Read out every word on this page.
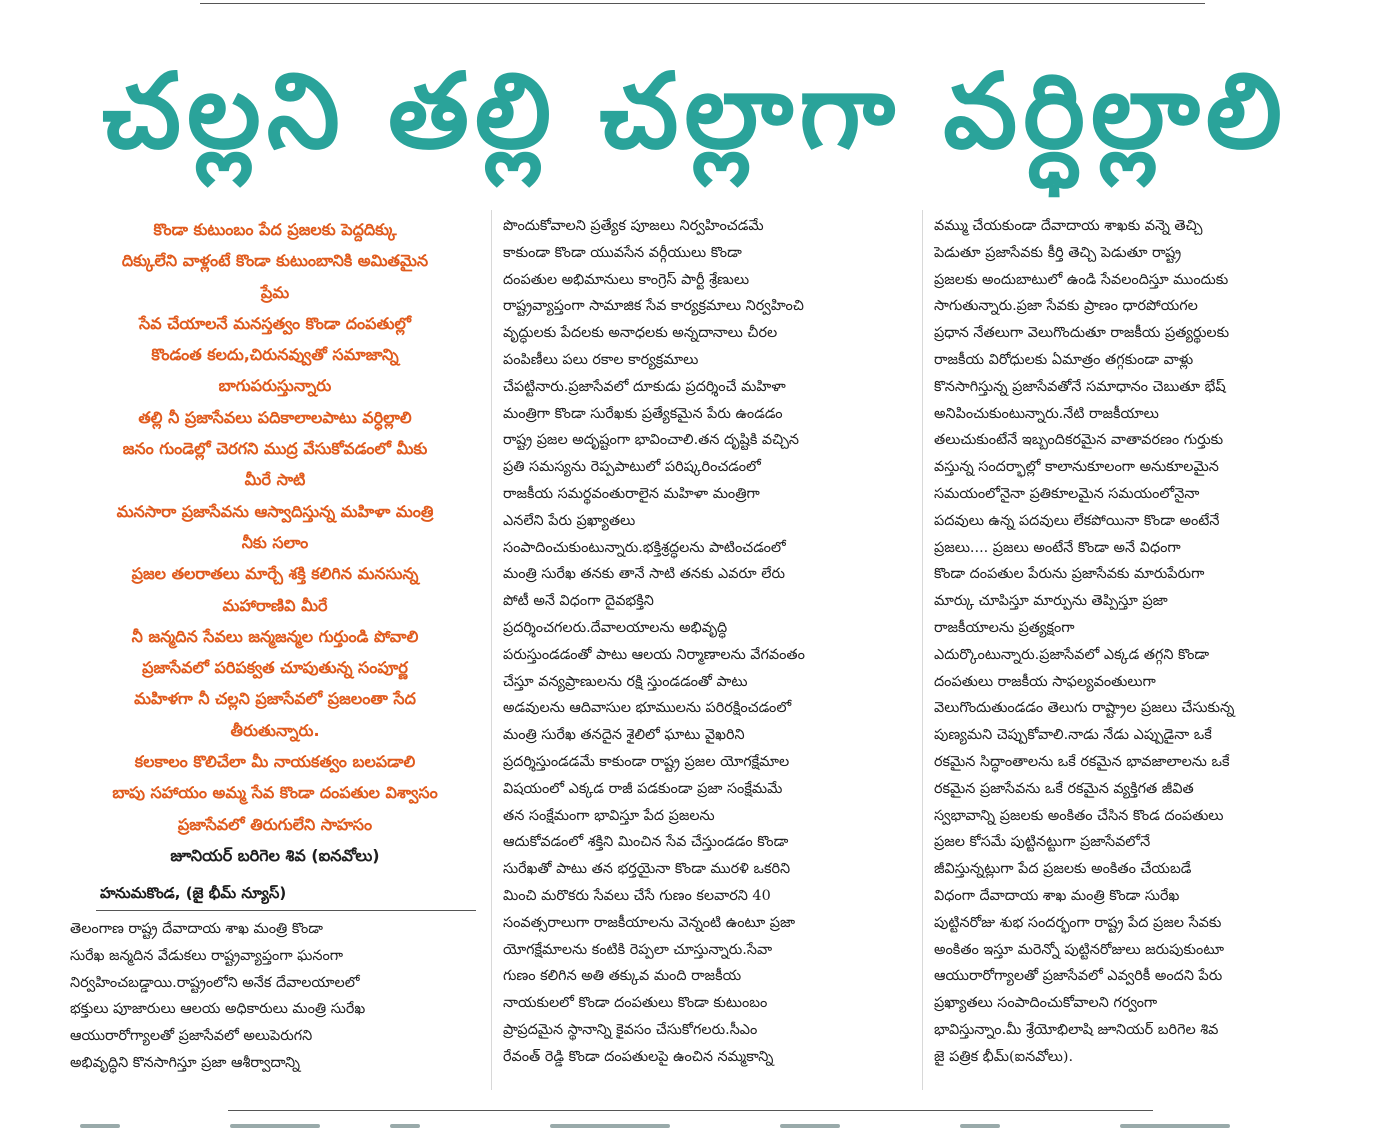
చల్లని తల్లి చల్లాగా వర్ధిల్లాలి
కొండా కుటుంబం పేద ప్రజలకు పెద్దదిక్కు
దిక్కులేని వాళ్లంటే కొండా కుటుంబానికి అమితమైన
ప్రేమ
సేవ చేయాలనే మనస్తత్వం కొండా దంపతుల్లో
కొండంత కలదు,చిరునవ్వుతో సమాజాన్ని
బాగుపరుస్తున్నారు
తల్లి నీ ప్రజాసేవలు పదికాలాలపాటు వర్ధిల్లాలి
జనం గుండెల్లో చెరగని ముద్ర వేసుకోవడంలో మీకు
మీరే సాటి
మనసారా ప్రజాసేవను ఆస్వాదిస్తున్న మహిళా మంత్రి
నీకు సలాం
ప్రజల తలరాతలు మార్చే శక్తి కలిగిన మనసున్న
మహారాణివి మీరే
నీ జన్మదిన సేవలు జన్మజన్మల గుర్తుండి పోవాలి
ప్రజాసేవలో పరిపక్వత చూపుతున్న సంపూర్ణ
మహిళగా నీ చల్లని ప్రజాసేవలో ప్రజలంతా సేద
తీరుతున్నారు.
కలకాలం కొలిచేలా మీ నాయకత్వం బలపడాలి
బాపు సహాయం అమ్మ సేవ కొండా దంపతుల విశ్వాసం
ప్రజాసేవలో తిరుగులేని సాహసం
జూనియర్ బరిగెల శివ (ఐనవోలు)
హనుమకొండ, (జై భీమ్ న్యూస్)
తెలంగాణ రాష్ట్ర దేవాదాయ శాఖ మంత్రి కొండా
సురేఖ జన్మదిన వేడుకలు రాష్ట్రవ్యాప్తంగా ఘనంగా
నిర్వహించబడ్డాయి.రాష్ట్రంలోని అనేక దేవాలయాలలో
భక్తులు పూజారులు ఆలయ అధికారులు మంత్రి సురేఖ
ఆయురారోగ్యాలతో ప్రజాసేవలో అలుపెరుగని
అభివృద్ధిని కొనసాగిస్తూ ప్రజా ఆశీర్వాదాన్ని
పొందుకోవాలని ప్రత్యేక పూజలు నిర్వహించడమే
కాకుండా కొండా యువసేన వర్గీయులు కొండా
దంపతుల అభిమానులు కాంగ్రెస్ పార్టీ శ్రేణులు
రాష్ట్రవ్యాప్తంగా సామాజిక సేవ కార్యక్రమాలు నిర్వహించి
వృద్ధులకు పేదలకు అనాధలకు అన్నదానాలు చీరల
పంపిణీలు పలు రకాల కార్యక్రమాలు
చేపట్టినారు.ప్రజాసేవలో దూకుడు ప్రదర్శించే మహిళా
మంత్రిగా కొండా సురేఖకు ప్రత్యేకమైన పేరు ఉండడం
రాష్ట్ర ప్రజల అదృష్టంగా భావించాలి.తన దృష్టికి వచ్చిన
ప్రతి సమస్యను రెప్పపాటులో పరిష్కరించడంలో
రాజకీయ సమర్థవంతురాలైన మహిళా మంత్రిగా
ఎనలేని పేరు ప్రఖ్యాతలు
సంపాదించుకుంటున్నారు.భక్తిశ్రద్ధలను పాటించడంలో
మంత్రి సురేఖ తనకు తానే సాటి తనకు ఎవరూ లేరు
పోటీ అనే విధంగా దైవభక్తిని
ప్రదర్శించగలరు.దేవాలయాలను అభివృద్ధి
పరుస్తుండడంతో పాటు ఆలయ నిర్మాణాలను వేగవంతం
చేస్తూ వన్యప్రాణులను రక్షి స్తుండడంతో పాటు
అడవులను ఆదివాసుల భూములను పరిరక్షించడంలో
మంత్రి సురేఖ తనదైన శైలిలో ఘాటు వైఖరిని
ప్రదర్శిస్తుండడమే కాకుండా రాష్ట్ర ప్రజల యోగక్షేమాల
విషయంలో ఎక్కడ రాజీ పడకుండా ప్రజా సంక్షేమమే
తన సంక్షేమంగా భావిస్తూ పేద ప్రజలను
ఆదుకోవడంలో శక్తిని మించిన సేవ చేస్తుండడం కొండా
సురేఖతో పాటు తన భర్తయైనా కొండా మురళి ఒకరిని
మించి మరొకరు సేవలు చేసే గుణం కలవారని 40
సంవత్సరాలుగా రాజకీయాలను వెన్నంటి ఉంటూ ప్రజా
యోగక్షేమాలను కంటికి రెప్పలా చూస్తున్నారు.సేవా
గుణం కలిగిన అతి తక్కువ మంది రాజకీయ
నాయకులలో కొండా దంపతులు కొండా కుటుంబం
ప్రాప్రదమైన స్థానాన్ని కైవసం చేసుకోగలరు.సీఎం
రేవంత్ రెడ్డి కొండా దంపతులపై ఉంచిన నమ్మకాన్ని
వమ్ము చేయకుండా దేవాదాయ శాఖకు వన్నె తెచ్చి
పెడుతూ ప్రజాసేవకు కీర్తి తెచ్చి పెడుతూ రాష్ట్ర
ప్రజలకు అందుబాటులో ఉండి సేవలందిస్తూ ముందుకు
సాగుతున్నారు.ప్రజా సేవకు ప్రాణం ధారపోయగల
ప్రధాన నేతలుగా వెలుగొందుతూ రాజకీయ ప్రత్యర్థులకు
రాజకీయ విరోధులకు ఏమాత్రం తగ్గకుండా వాళ్లు
కొనసాగిస్తున్న ప్రజాసేవతోనే సమాధానం చెబుతూ భేష్
అనిపించుకుంటున్నారు.నేటి రాజకీయాలు
తలుచుకుంటేనే ఇబ్బందికరమైన వాతావరణం గుర్తుకు
వస్తున్న సందర్భాల్లో కాలానుకూలంగా అనుకూలమైన
సమయంలోనైనా ప్రతికూలమైన సమయంలోనైనా
పదవులు ఉన్న పదవులు లేకపోయినా కొండా అంటేనే
ప్రజలు.... ప్రజలు అంటేనే కొండా అనే విధంగా
కొండా దంపతుల పేరును ప్రజాసేవకు మారుపేరుగా
మార్కు చూపిస్తూ మార్పును తెప్పిస్తూ ప్రజా
రాజకీయాలను ప్రత్యక్షంగా
ఎదుర్కొంటున్నారు.ప్రజాసేవలో ఎక్కడ తగ్గని కొండా
దంపతులు రాజకీయ సాఫల్యవంతులుగా
వెలుగొందుతుండడం తెలుగు రాష్ట్రాల ప్రజలు చేసుకున్న
పుణ్యమని చెప్పుకోవాలి.నాడు నేడు ఎప్పుడైనా ఒకే
రకమైన సిద్ధాంతాలను ఒకే రకమైన భావజాలాలను ఒకే
రకమైన ప్రజాసేవను ఒకే రకమైన వ్యక్తిగత జీవిత
స్వభావాన్ని ప్రజలకు అంకితం చేసిన కొండ దంపతులు
ప్రజల కోసమే పుట్టినట్టుగా ప్రజాసేవలోనే
జీవిస్తున్నట్లుగా పేద ప్రజలకు అంకితం చేయబడే
విధంగా దేవాదాయ శాఖ మంత్రి కొండా సురేఖ
పుట్టినరోజు శుభ సందర్భంగా రాష్ట్ర పేద ప్రజల సేవకు
అంకితం ఇస్తూ మరెన్నో పుట్టినరోజులు జరుపుకుంటూ
ఆయురారోగ్యాలతో ప్రజాసేవలో ఎవ్వరికీ అందని పేరు
ప్రఖ్యాతలు సంపాదించుకోవాలని గర్వంగా
భావిస్తున్నాం.మీ శ్రేయోభిలాషి జూనియర్ బరిగెల శివ
జై పత్రిక భీమ్(ఐనవోలు).
